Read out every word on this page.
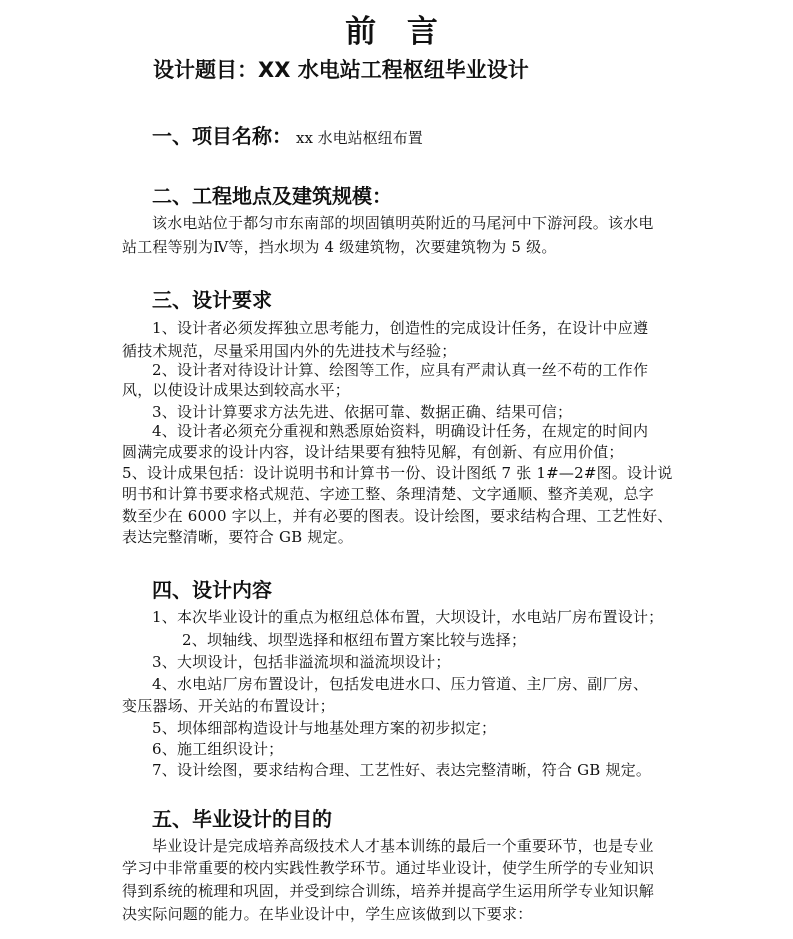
前 言
设计题目：XX 水电站工程枢纽毕业设计
一、项目名称： xx 水电站枢纽布置
二、工程地点及建筑规模：
该水电站位于都匀市东南部的坝固镇明英附近的马尾河中下游河段。该水电
站工程等别为Ⅳ等，挡水坝为 4 级建筑物，次要建筑物为 5 级。
三、设计要求
1、设计者必须发挥独立思考能力，创造性的完成设计任务，在设计中应遵
循技术规范，尽量采用国内外的先进技术与经验；
2、设计者对待设计计算、绘图等工作，应具有严肃认真一丝不苟的工作作
风，以使设计成果达到较高水平；
3、设计计算要求方法先进、依据可靠、数据正确、结果可信；
4、设计者必须充分重视和熟悉原始资料，明确设计任务，在规定的时间内
圆满完成要求的设计内容，设计结果要有独特见解，有创新、有应用价值；
5、设计成果包括：设计说明书和计算书一份、设计图纸 7 张 1#—2#图。设计说
明书和计算书要求格式规范、字迹工整、条理清楚、文字通顺、整齐美观，总字
数至少在 6000 字以上，并有必要的图表。设计绘图，要求结构合理、工艺性好、
表达完整清晰，要符合 GB 规定。
四、设计内容
1、本次毕业设计的重点为枢纽总体布置，大坝设计，水电站厂房布置设计；
2、坝轴线、坝型选择和枢纽布置方案比较与选择；
3、大坝设计，包括非溢流坝和溢流坝设计；
4、水电站厂房布置设计，包括发电进水口、压力管道、主厂房、副厂房、
变压器场、开关站的布置设计；
5、坝体细部构造设计与地基处理方案的初步拟定；
6、施工组织设计；
7、设计绘图，要求结构合理、工艺性好、表达完整清晰，符合 GB 规定。
五、毕业设计的目的
毕业设计是完成培养高级技术人才基本训练的最后一个重要环节，也是专业
学习中非常重要的校内实践性教学环节。通过毕业设计，使学生所学的专业知识
得到系统的梳理和巩固，并受到综合训练，培养并提高学生运用所学专业知识解
决实际问题的能力。在毕业设计中，学生应该做到以下要求：
